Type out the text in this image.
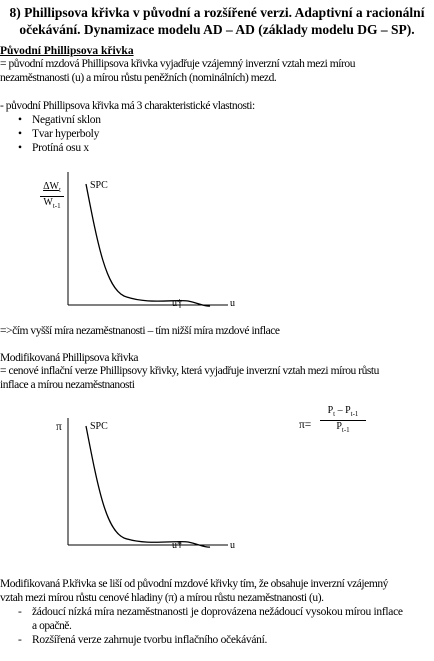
8) Phillipsova křivka v původní a rozšířené verzi. Adaptivní a racionální
očekávání. Dynamizace modelu AD – AD (základy modelu DG – SP).
Původní Phillipsova křivka
= původní mzdová Phillipsova křivka vyjadřuje vzájemný inverzní vztah mezi mírou
nezaměstnanosti (u) a mírou růstu peněžních (nominálních) mezd.
- původní Phillipsova křivka má 3 charakteristické vlastnosti:
• Negativní sklon
• Tvar hyperboly
• Protíná osu x
$\Delta W_t$
$W_{t-1}$
SPC
u*	u
=>čím vyšší míra nezaměstnanosti – tím nižší míra mzdové inflace
Modifikovaná Phillipsova křivka
= cenové inflační verze Phillipsovy křivky, která vyjadřuje inverzní vztah mezi mírou růstu
inflace a mírou nezaměstnanosti
π=
$P_t - P_{t-1}$
$P_{t-1}$
π	SPC
u*	u
Modifikovaná P.křivka se liší od původní mzdové křivky tím, že obsahuje inverzní vzájemný
vztah mezi mírou růstu cenové hladiny (π) a mírou růstu nezaměstnanosti (u).
- žádoucí nízká míra nezaměstnanosti je doprovázena nežádoucí vysokou mírou inflace
a opačně.
- Rozšířená verze zahrnuje tvorbu inflačního očekávání.
